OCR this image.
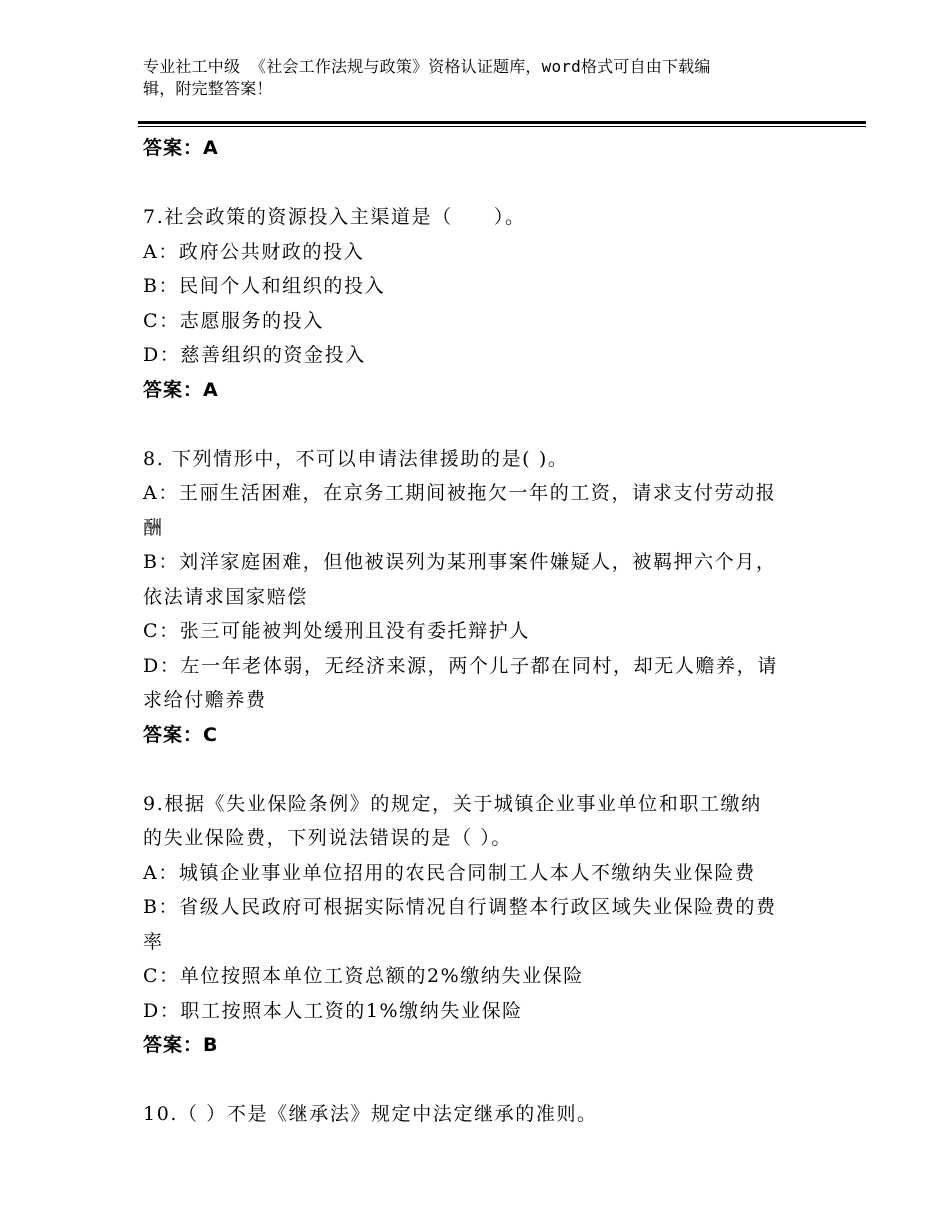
专业社工中级 《社会工作法规与政策》资格认证题库，word格式可自由下载编
辑，附完整答案！
答案：A
7.社会政策的资源投入主渠道是（　　）。
A：政府公共财政的投入
B：民间个人和组织的投入
C：志愿服务的投入
D：慈善组织的资金投入
答案：A
8. 下列情形中，不可以申请法律援助的是( )。
A：王丽生活困难，在京务工期间被拖欠一年的工资，请求支付劳动报
酬
B：刘洋家庭困难，但他被误列为某刑事案件嫌疑人，被羁押六个月，
依法请求国家赔偿
C：张三可能被判处缓刑且没有委托辩护人
D：左一年老体弱，无经济来源，两个儿子都在同村，却无人赡养，请
求给付赡养费
答案：C
9.根据《失业保险条例》的规定，关于城镇企业事业单位和职工缴纳
的失业保险费，下列说法错误的是（ ）。
A：城镇企业事业单位招用的农民合同制工人本人不缴纳失业保险费
B：省级人民政府可根据实际情况自行调整本行政区域失业保险费的费
率
C：单位按照本单位工资总额的2%缴纳失业保险
D：职工按照本人工资的1%缴纳失业保险
答案：B
10.（ ）不是《继承法》规定中法定继承的准则。
